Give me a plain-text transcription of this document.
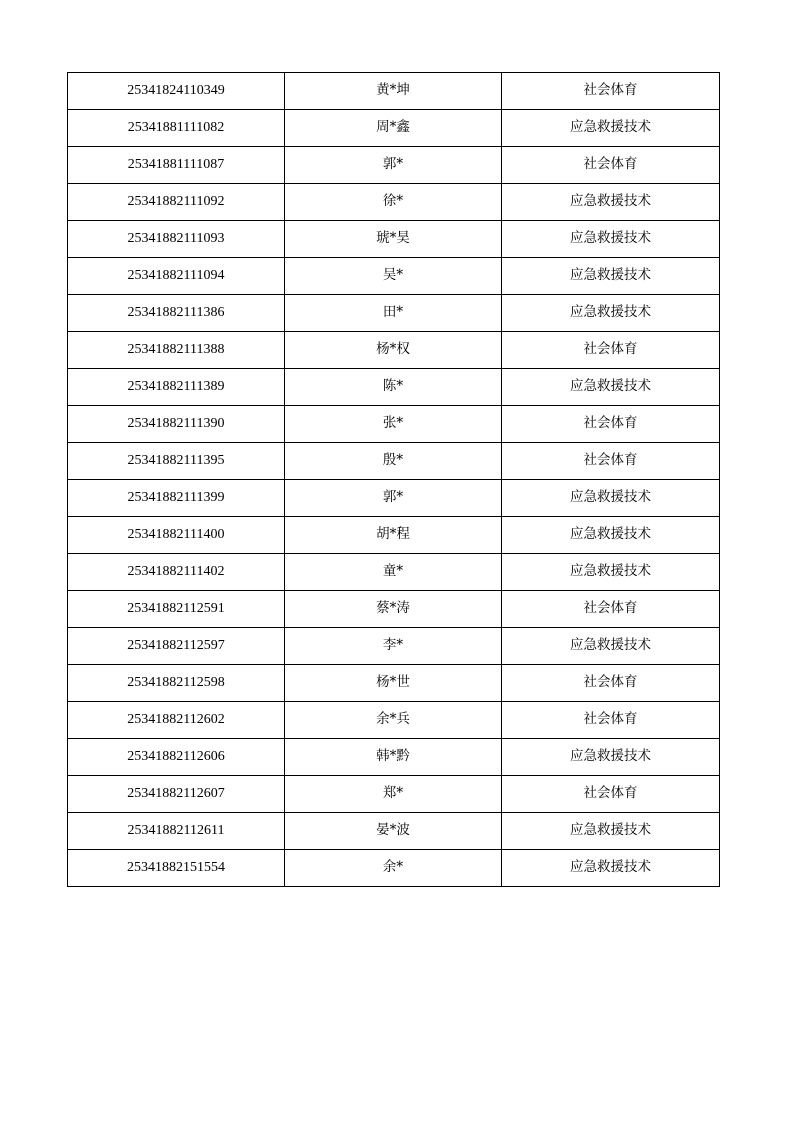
25341824110349	黄*坤	社会体育
25341881111082	周*鑫	应急救援技术
25341881111087	郭*	社会体育
25341882111092	徐*	应急救援技术
25341882111093	琥*昊	应急救援技术
25341882111094	吴*	应急救援技术
25341882111386	田*	应急救援技术
25341882111388	杨*权	社会体育
25341882111389	陈*	应急救援技术
25341882111390	张*	社会体育
25341882111395	殷*	社会体育
25341882111399	郭*	应急救援技术
25341882111400	胡*程	应急救援技术
25341882111402	童*	应急救援技术
25341882112591	蔡*涛	社会体育
25341882112597	李*	应急救援技术
25341882112598	杨*世	社会体育
25341882112602	余*兵	社会体育
25341882112606	韩*黔	应急救援技术
25341882112607	郑*	社会体育
25341882112611	晏*波	应急救援技术
25341882151554	余*	应急救援技术
